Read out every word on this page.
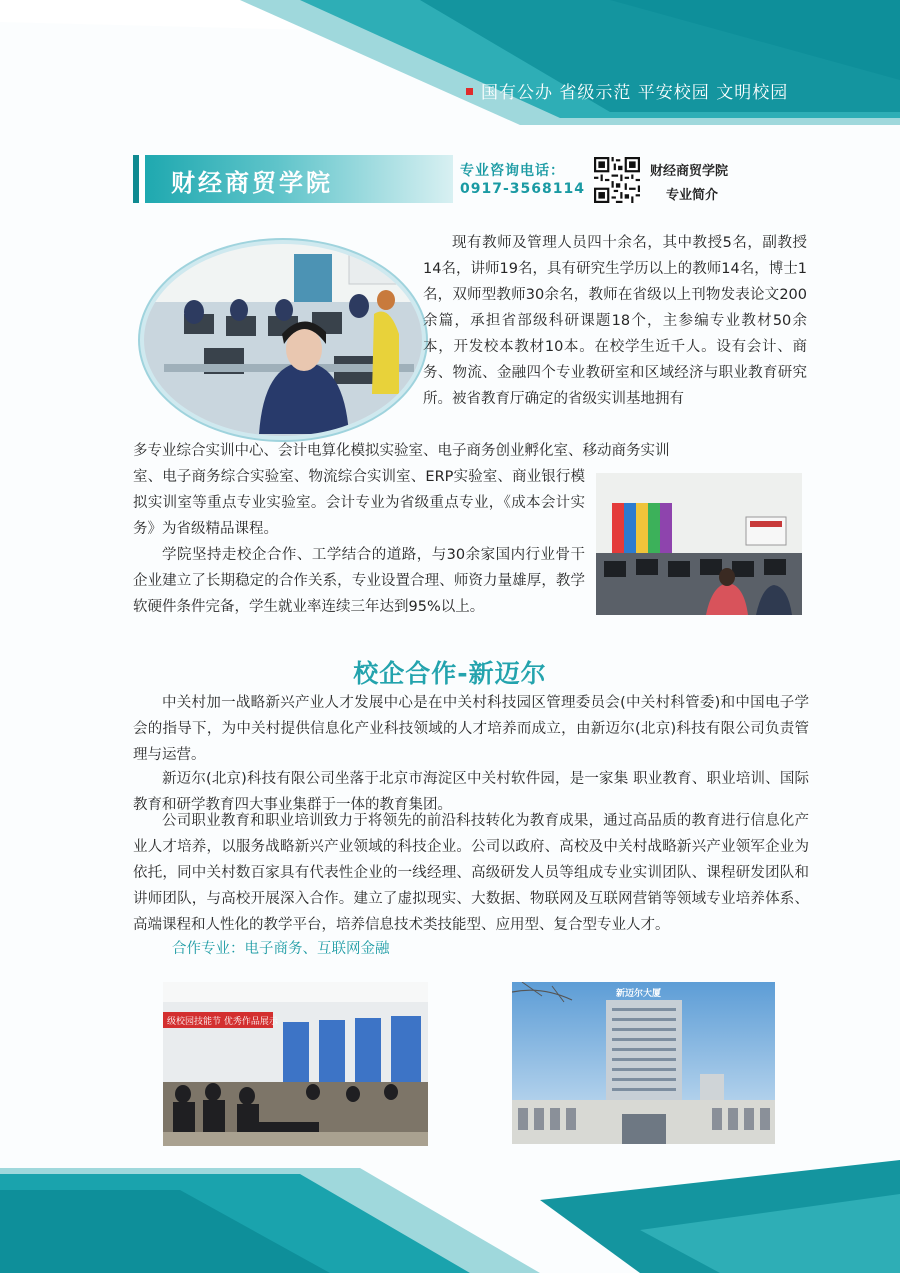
国有公办 省级示范 平安校园 文明校园
财经商贸学院	专业咨询电话：
0917-3568114
财经商贸学院
专业简介

现有教师及管理人员四十余名，其中教授5名，副教授14名，讲师19名，具有研究生学历以上的教师14名，博士1名，双师型教师30余名，教师在省级以上刊物发表论文200余篇，承担省部级科研课题18个，主参编专业教材50余本，开发校本教材10本。在校学生近千人。设有会计、商务、物流、金融四个专业教研室和区域经济与职业教育研究所。被省教育厅确定的省级实训基地拥有

多专业综合实训中心、会计电算化模拟实验室、电子商务创业孵化室、移动商务实训

室、电子商务综合实验室、物流综合实训室、ERP实验室、商业银行模拟实训室等重点专业实验室。会计专业为省级重点专业，《成本会计实务》为省级精品课程。

学院坚持走校企合作、工学结合的道路，与30余家国内行业骨干企业建立了长期稳定的合作关系，专业设置合理、师资力量雄厚，教学软硬件条件完备，学生就业率连续三年达到95%以上。

校企合作-新迈尔

中关村加一战略新兴产业人才发展中心是在中关村科技园区管理委员会(中关村科管委)和中国电子学会的指导下，为中关村提供信息化产业科技领域的人才培养而成立，由新迈尔(北京)科技有限公司负责管理与运营。

新迈尔(北京)科技有限公司坐落于北京市海淀区中关村软件园，是一家集 职业教育、职业培训、国际教育和研学教育四大事业集群于一体的教育集团。

公司职业教育和职业培训致力于将领先的前沿科技转化为教育成果，通过高品质的教育进行信息化产业人才培养，以服务战略新兴产业领域的科技企业。公司以政府、高校及中关村战略新兴产业领军企业为依托，同中关村数百家具有代表性企业的一线经理、高级研发人员等组成专业实训团队、课程研发团队和讲师团队，与高校开展深入合作。建立了虚拟现实、大数据、物联网及互联网营销等领域专业培养体系、高端课程和人性化的教学平台，培养信息技术类技能型、应用型、复合型专业人才。

合作专业：电子商务、互联网金融
级校园技能节 优秀作品展示
新迈尔大厦
